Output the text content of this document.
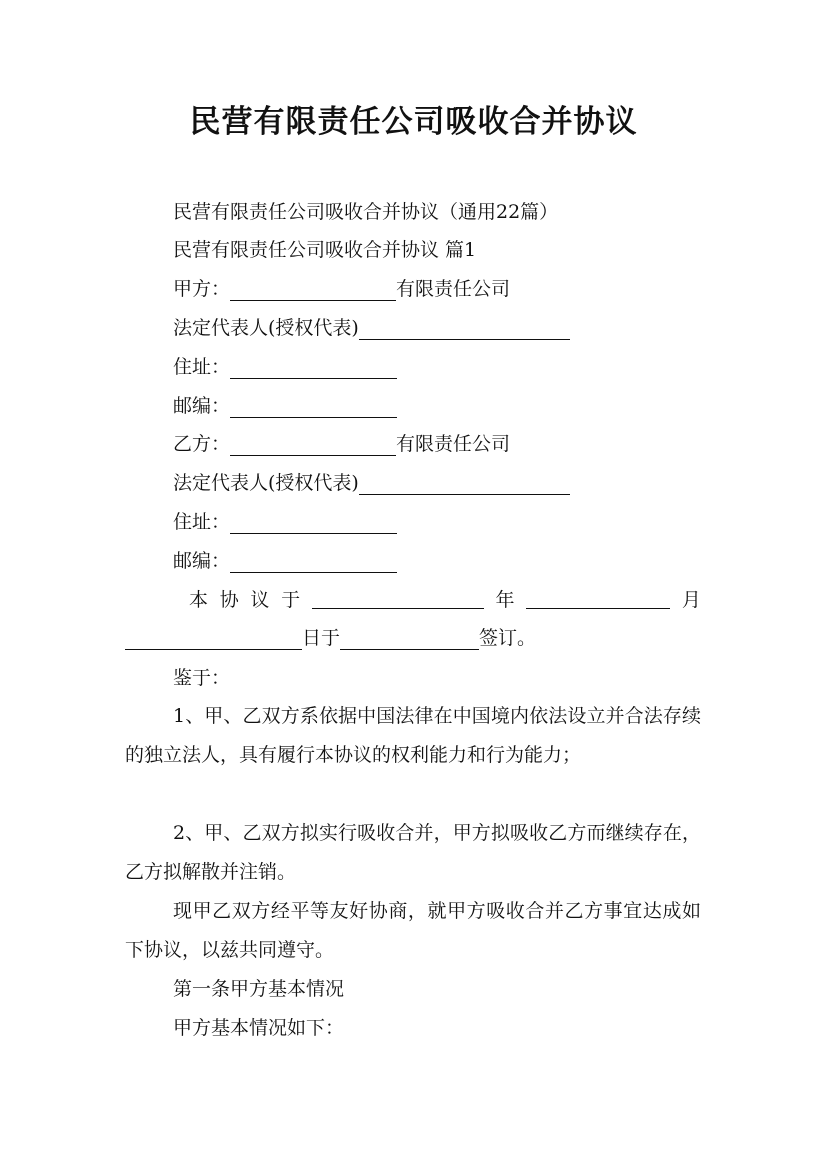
民营有限责任公司吸收合并协议
民营有限责任公司吸收合并协议（通用22篇）
民营有限责任公司吸收合并协议 篇1
甲方：	有限责任公司
法定代表人(授权代表)
住址：
邮编：
乙方：	有限责任公司
法定代表人(授权代表)
住址：
邮编：
本 协 议 于	年	月
日于	签订。
鉴于：
1、甲、乙双方系依据中国法律在中国境内依法设立并合法存续的独立法人，具有履行本协议的权利能力和行为能力；
2、甲、乙双方拟实行吸收合并，甲方拟吸收乙方而继续存在，乙方拟解散并注销。
现甲乙双方经平等友好协商，就甲方吸收合并乙方事宜达成如下协议，以兹共同遵守。
第一条甲方基本情况
甲方基本情况如下：
